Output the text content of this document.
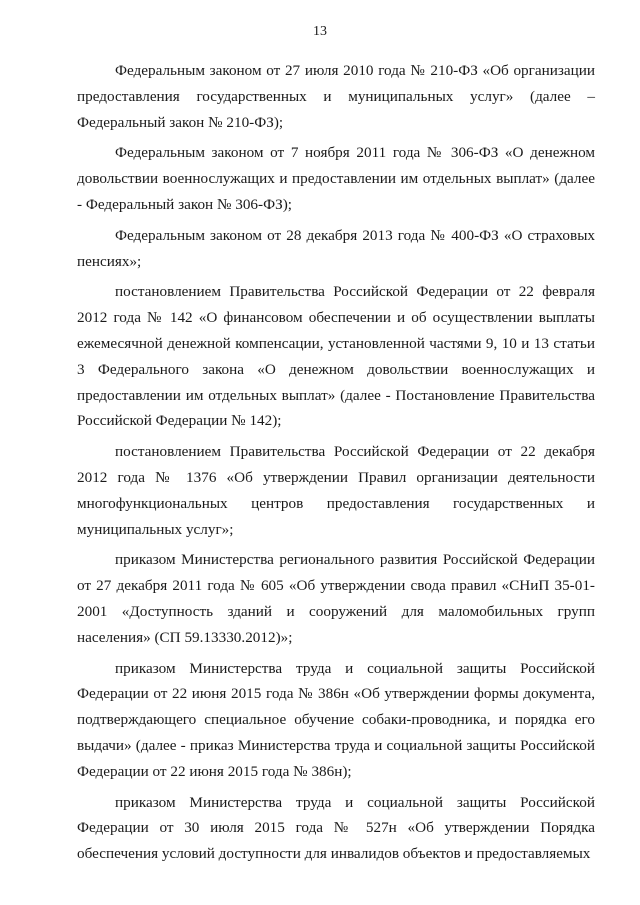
13

Федеральным законом от 27 июля 2010 года № 210-ФЗ «Об организации предоставления государственных и муниципальных услуг» (далее – Федеральный закон № 210-ФЗ);

Федеральным законом от 7 ноября 2011 года № 306-ФЗ «О денежном довольствии военнослужащих и предоставлении им отдельных выплат» (далее - Федеральный закон № 306-ФЗ);

Федеральным законом от 28 декабря 2013 года № 400-ФЗ «О страховых пенсиях»;

постановлением Правительства Российской Федерации от 22 февраля 2012 года № 142 «О финансовом обеспечении и об осуществлении выплаты ежемесячной денежной компенсации, установленной частями 9, 10 и 13 статьи 3 Федерального закона «О денежном довольствии военнослужащих и предоставлении им отдельных выплат» (далее - Постановление Правительства Российской Федерации № 142);

постановлением Правительства Российской Федерации от 22 декабря 2012 года № 1376 «Об утверждении Правил организации деятельности многофункциональных центров предоставления государственных и муниципальных услуг»;

приказом Министерства регионального развития Российской Федерации от 27 декабря 2011 года № 605 «Об утверждении свода правил «СНиП 35-01-2001 «Доступность зданий и сооружений для маломобильных групп населения» (СП 59.13330.2012)»;

приказом Министерства труда и социальной защиты Российской Федерации от 22 июня 2015 года № 386н «Об утверждении формы документа, подтверждающего специальное обучение собаки-проводника, и порядка его выдачи» (далее - приказ Министерства труда и социальной защиты Российской Федерации от 22 июня 2015 года № 386н);

приказом Министерства труда и социальной защиты Российской Федерации от 30 июля 2015 года № 527н «Об утверждении Порядка обеспечения условий доступности для инвалидов объектов и предоставляемых
